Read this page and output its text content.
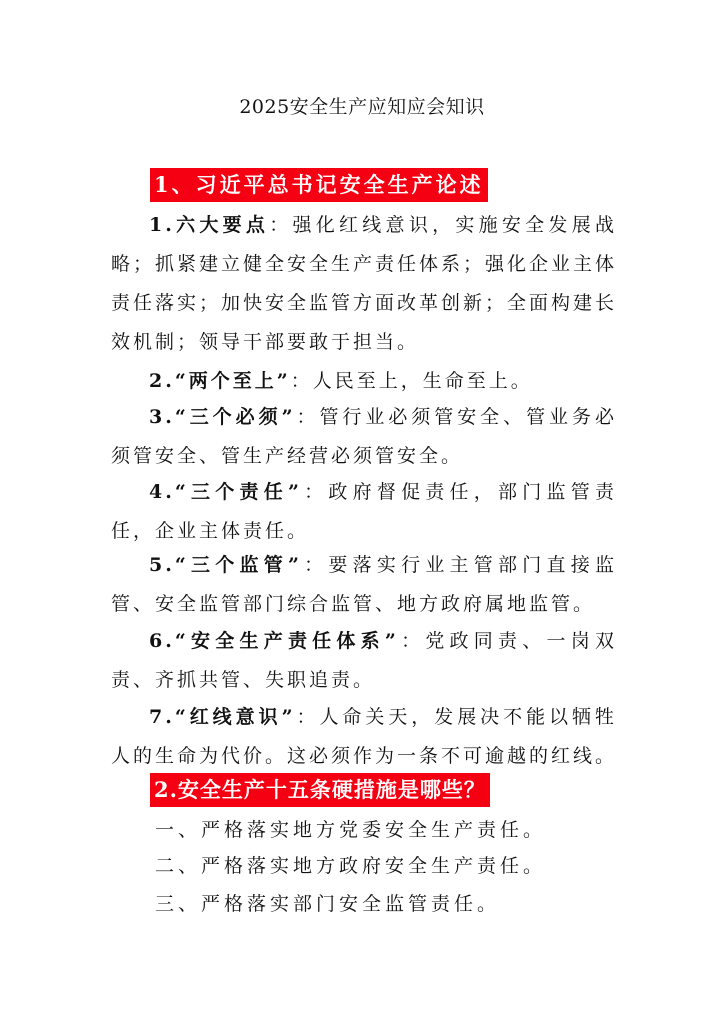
2025安全生产应知应会知识
1、习近平总书记安全生产论述
1.六大要点：强化红线意识，实施安全发展战略；抓紧建立健全安全生产责任体系；强化企业主体责任落实；加快安全监管方面改革创新；全面构建长效机制；领导干部要敢于担当。
2.“两个至上”：人民至上，生命至上。
3.“三个必须”：管行业必须管安全、管业务必须管安全、管生产经营必须管安全。
4.“三个责任”：政府督促责任，部门监管责任，企业主体责任。
5.“三个监管”：要落实行业主管部门直接监管、安全监管部门综合监管、地方政府属地监管。
6.“安全生产责任体系”：党政同责、一岗双责、齐抓共管、失职追责。
7.“红线意识”：人命关天，发展决不能以牺牲人的生命为代价。这必须作为一条不可逾越的红线。
2.安全生产十五条硬措施是哪些？
一、严格落实地方党委安全生产责任。
二、严格落实地方政府安全生产责任。
三、严格落实部门安全监管责任。
